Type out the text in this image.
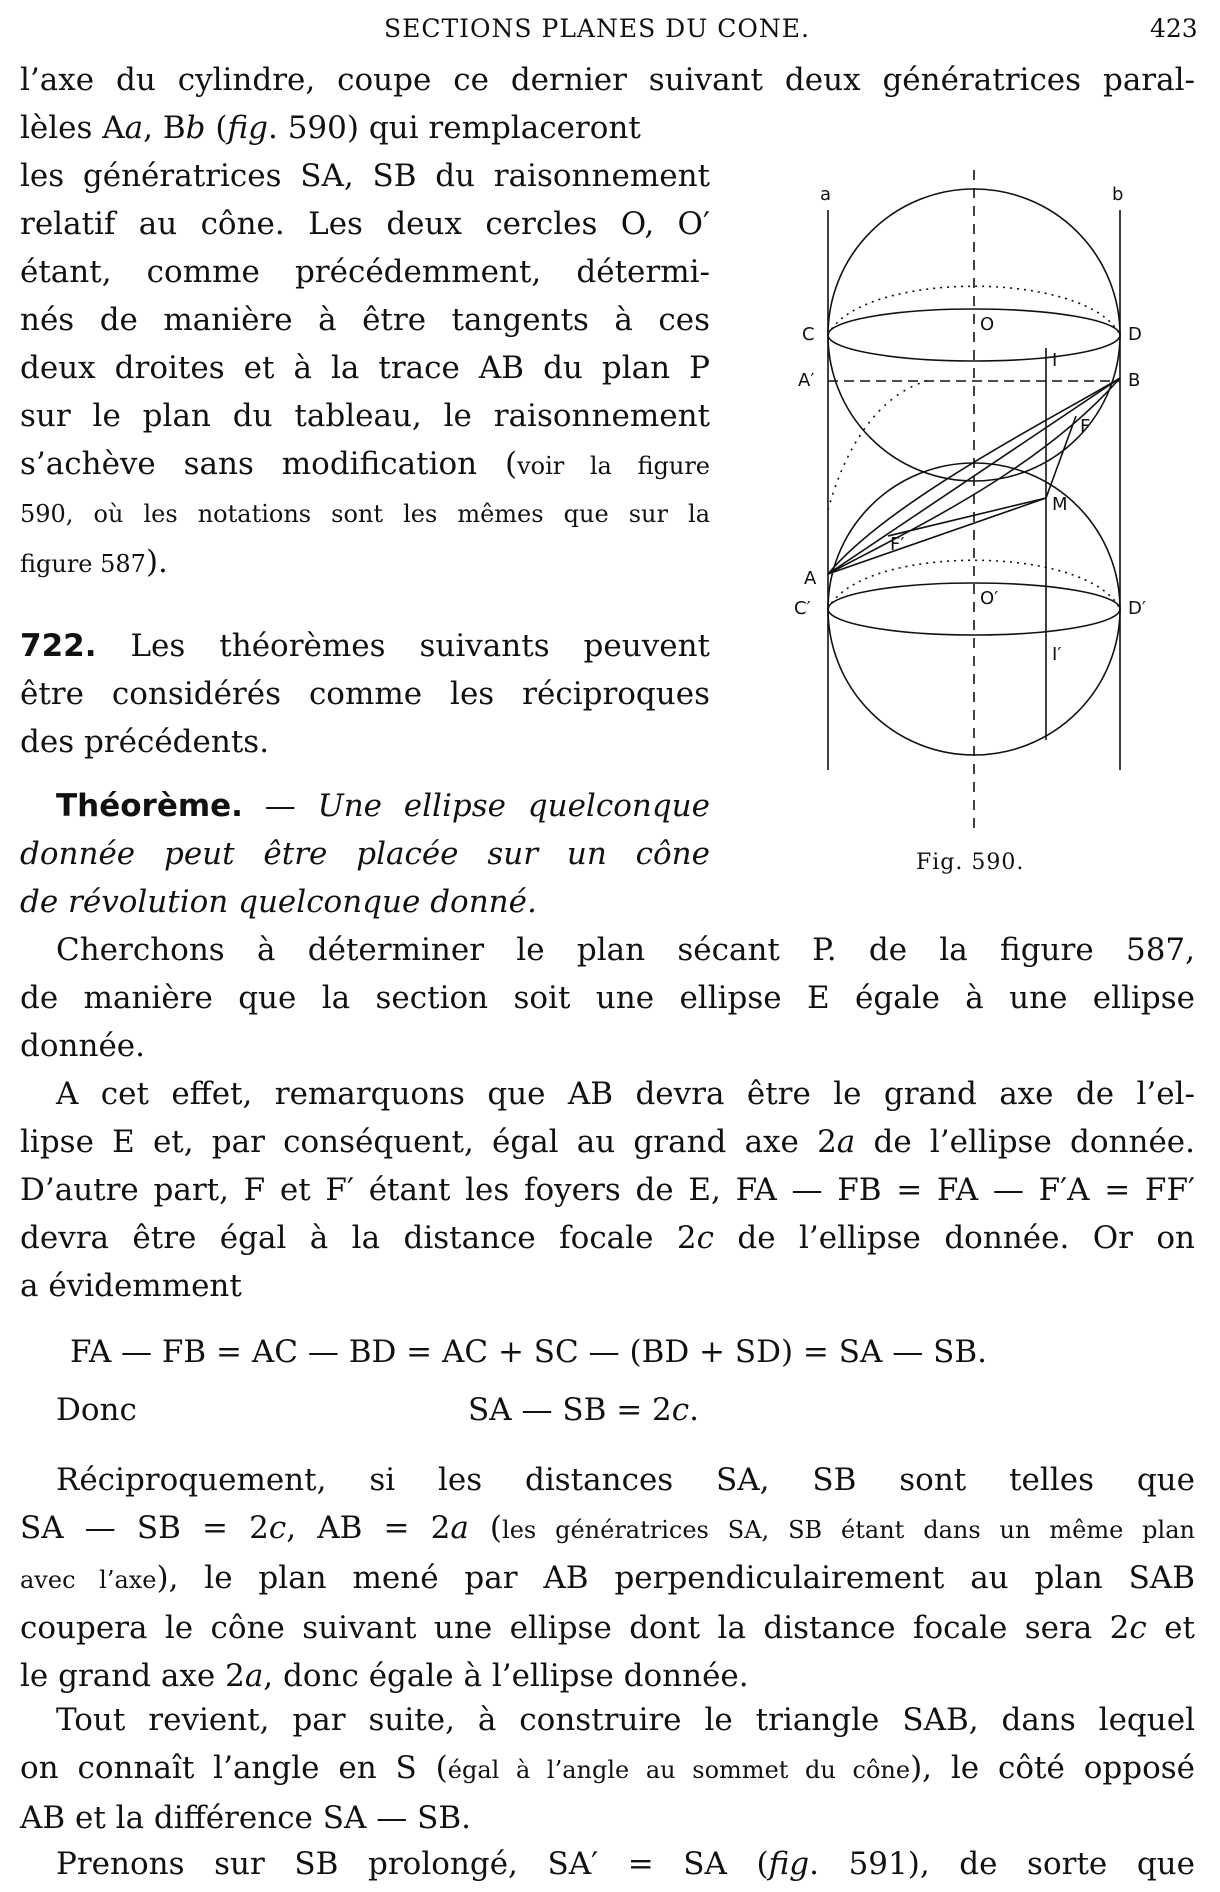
SECTIONS PLANES DU CONE.	423

l’axe du cylindre, coupe ce dernier suivant deux génératrices paral-

lèles Aa, Bb (fig. 590) qui remplaceront

les génératrices SA, SB du raisonnement

relatif au cône. Les deux cercles O, O′

étant, comme précédemment, détermi-

nés de manière à être tangents à ces

deux droites et à la trace AB du plan P

sur le plan du tableau, le raisonnement

s’achève sans modification (voir la figure

590, où les notations sont les mêmes que sur la

figure 587).

722. Les théorèmes suivants peuvent

être considérés comme les réciproques

des précédents.

Théorème. — Une ellipse quelconque

donnée peut être placée sur un cône

de révolution quelconque donné.

Cherchons à déterminer le plan sécant P. de la figure 587,

de manière que la section soit une ellipse E égale à une ellipse

donnée.

A cet effet, remarquons que AB devra être le grand axe de l’el-

lipse E et, par conséquent, égal au grand axe 2a de l’ellipse donnée.

D’autre part, F et F′ étant les foyers de E, FA — FB = FA — F′A = FF′

devra être égal à la distance focale 2c de l’ellipse donnée. Or on

a évidemment

FA — FB = AC — BD = AC + SC — (BD + SD) = SA — SB.
Donc	SA — SB = 2c.

Réciproquement, si les distances SA, SB sont telles que

SA — SB = 2c, AB = 2a (les génératrices SA, SB étant dans un même plan

avec l’axe), le plan mené par AB perpendiculairement au plan SAB

coupera le cône suivant une ellipse dont la distance focale sera 2c et

le grand axe 2a, donc égale à l’ellipse donnée.

Tout revient, par suite, à construire le triangle SAB, dans lequel

on connaît l’angle en S (égal à l’angle au sommet du cône), le côté opposé

AB et la différence SA — SB.

Prenons sur SB prolongé, SA′ = SA (fig. 591), de sorte que

a	b
C	O	D
A′	B
F
M
F′
A
C′	O′	D′
I
I′
Fig. 590.
